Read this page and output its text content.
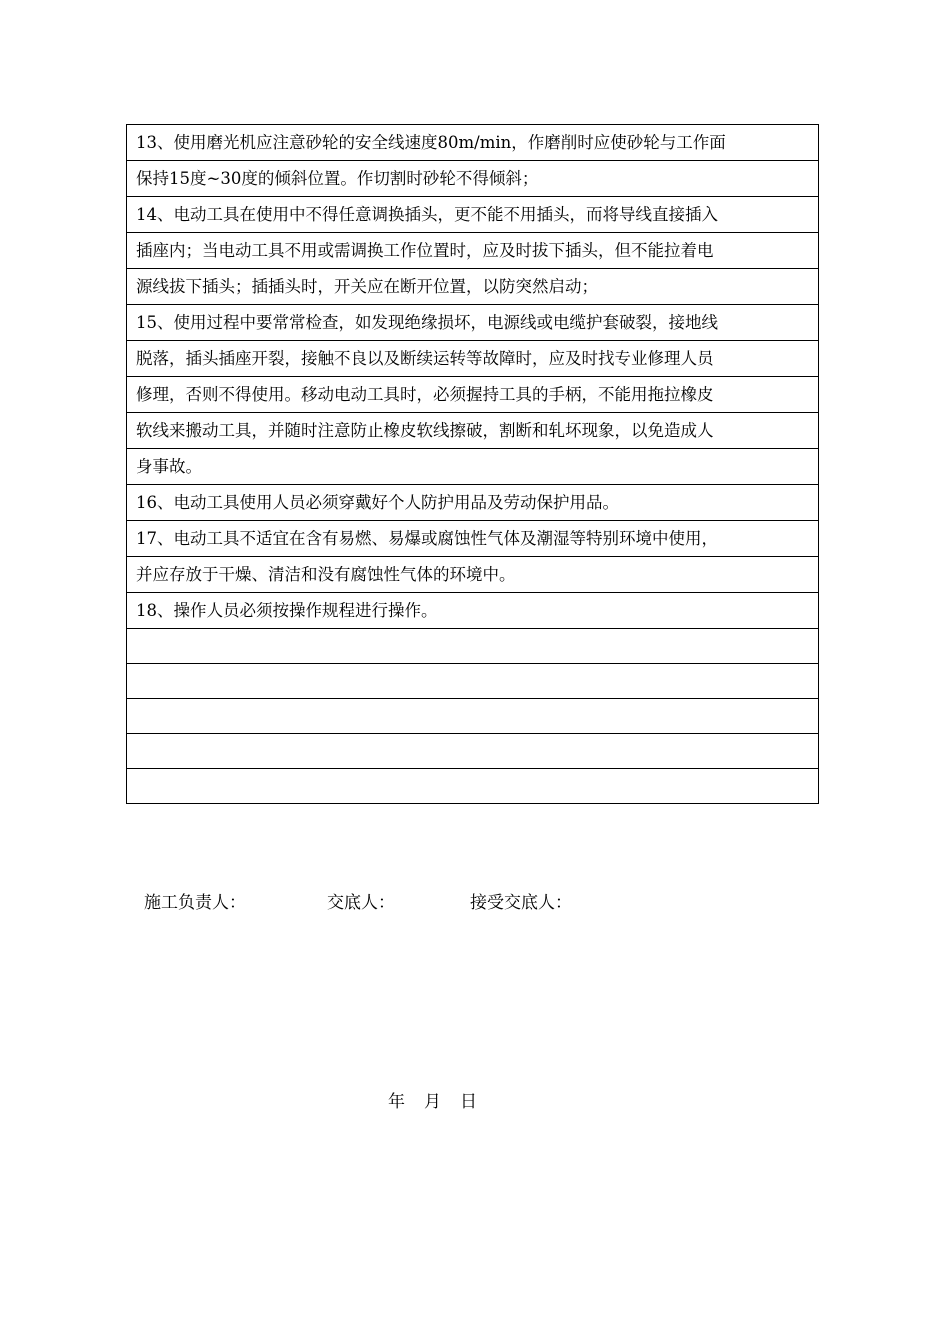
13、使用磨光机应注意砂轮的安全线速度80m/min，作磨削时应使砂轮与工作面
保持15度~30度的倾斜位置。作切割时砂轮不得倾斜；
14、电动工具在使用中不得任意调换插头，更不能不用插头，而将导线直接插入
插座内；当电动工具不用或需调换工作位置时，应及时拔下插头，但不能拉着电
源线拔下插头；插插头时，开关应在断开位置，以防突然启动；
15、使用过程中要常常检查，如发现绝缘损坏，电源线或电缆护套破裂，接地线
脱落，插头插座开裂，接触不良以及断续运转等故障时，应及时找专业修理人员
修理，否则不得使用。移动电动工具时，必须握持工具的手柄，不能用拖拉橡皮
软线来搬动工具，并随时注意防止橡皮软线擦破，割断和轧坏现象，以免造成人
身事故。
16、电动工具使用人员必须穿戴好个人防护用品及劳动保护用品。
17、电动工具不适宜在含有易燃、易爆或腐蚀性气体及潮湿等特别环境中使用，
并应存放于干燥、清洁和没有腐蚀性气体的环境中。
18、操作人员必须按操作规程进行操作。

施工负责人：	交底人：	接受交底人：
年 月 日
